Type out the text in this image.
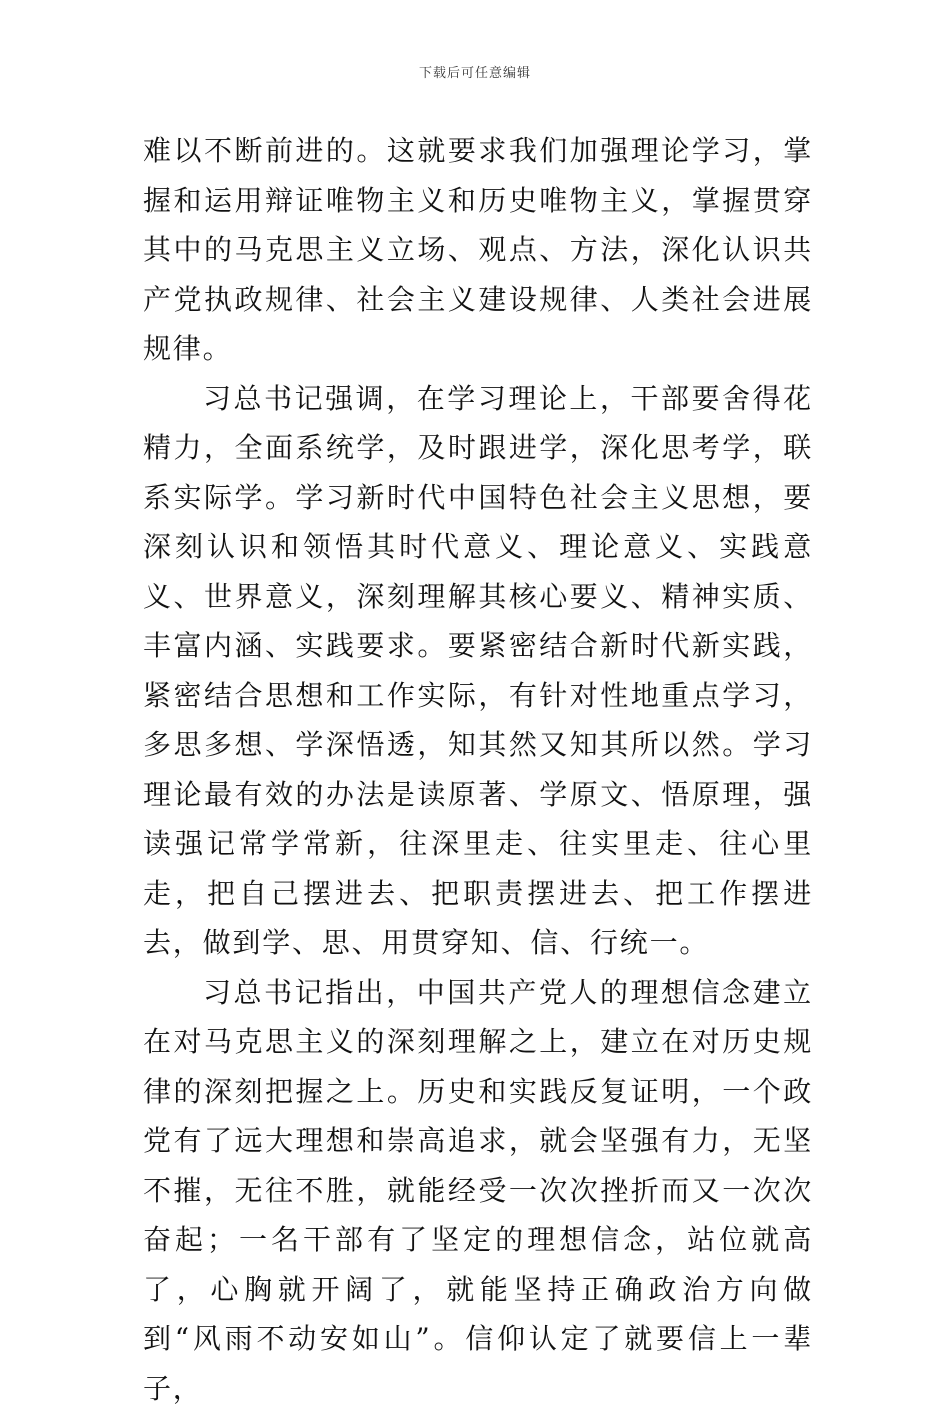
下载后可任意编辑

难以不断前进的。这就要求我们加强理论学习，掌握和运用辩证唯物主义和历史唯物主义，掌握贯穿其中的马克思主义立场、观点、方法，深化认识共产党执政规律、社会主义建设规律、人类社会进展规律。

习总书记强调，在学习理论上，干部要舍得花精力，全面系统学，及时跟进学，深化思考学，联系实际学。学习新时代中国特色社会主义思想，要深刻认识和领悟其时代意义、理论意义、实践意义、世界意义，深刻理解其核心要义、精神实质、丰富内涵、实践要求。要紧密结合新时代新实践，紧密结合思想和工作实际，有针对性地重点学习，多思多想、学深悟透，知其然又知其所以然。学习理论最有效的办法是读原著、学原文、悟原理，强读强记常学常新，往深里走、往实里走、往心里走，把自己摆进去、把职责摆进去、把工作摆进去，做到学、思、用贯穿知、信、行统一。

习总书记指出，中国共产党人的理想信念建立在对马克思主义的深刻理解之上，建立在对历史规律的深刻把握之上。历史和实践反复证明，一个政党有了远大理想和崇高追求，就会坚强有力，无坚不摧，无往不胜，就能经受一次次挫折而又一次次奋起；一名干部有了坚定的理想信念，站位就高了，心胸就开阔了，就能坚持正确政治方向做到“风雨不动安如山”。信仰认定了就要信上一辈子，
